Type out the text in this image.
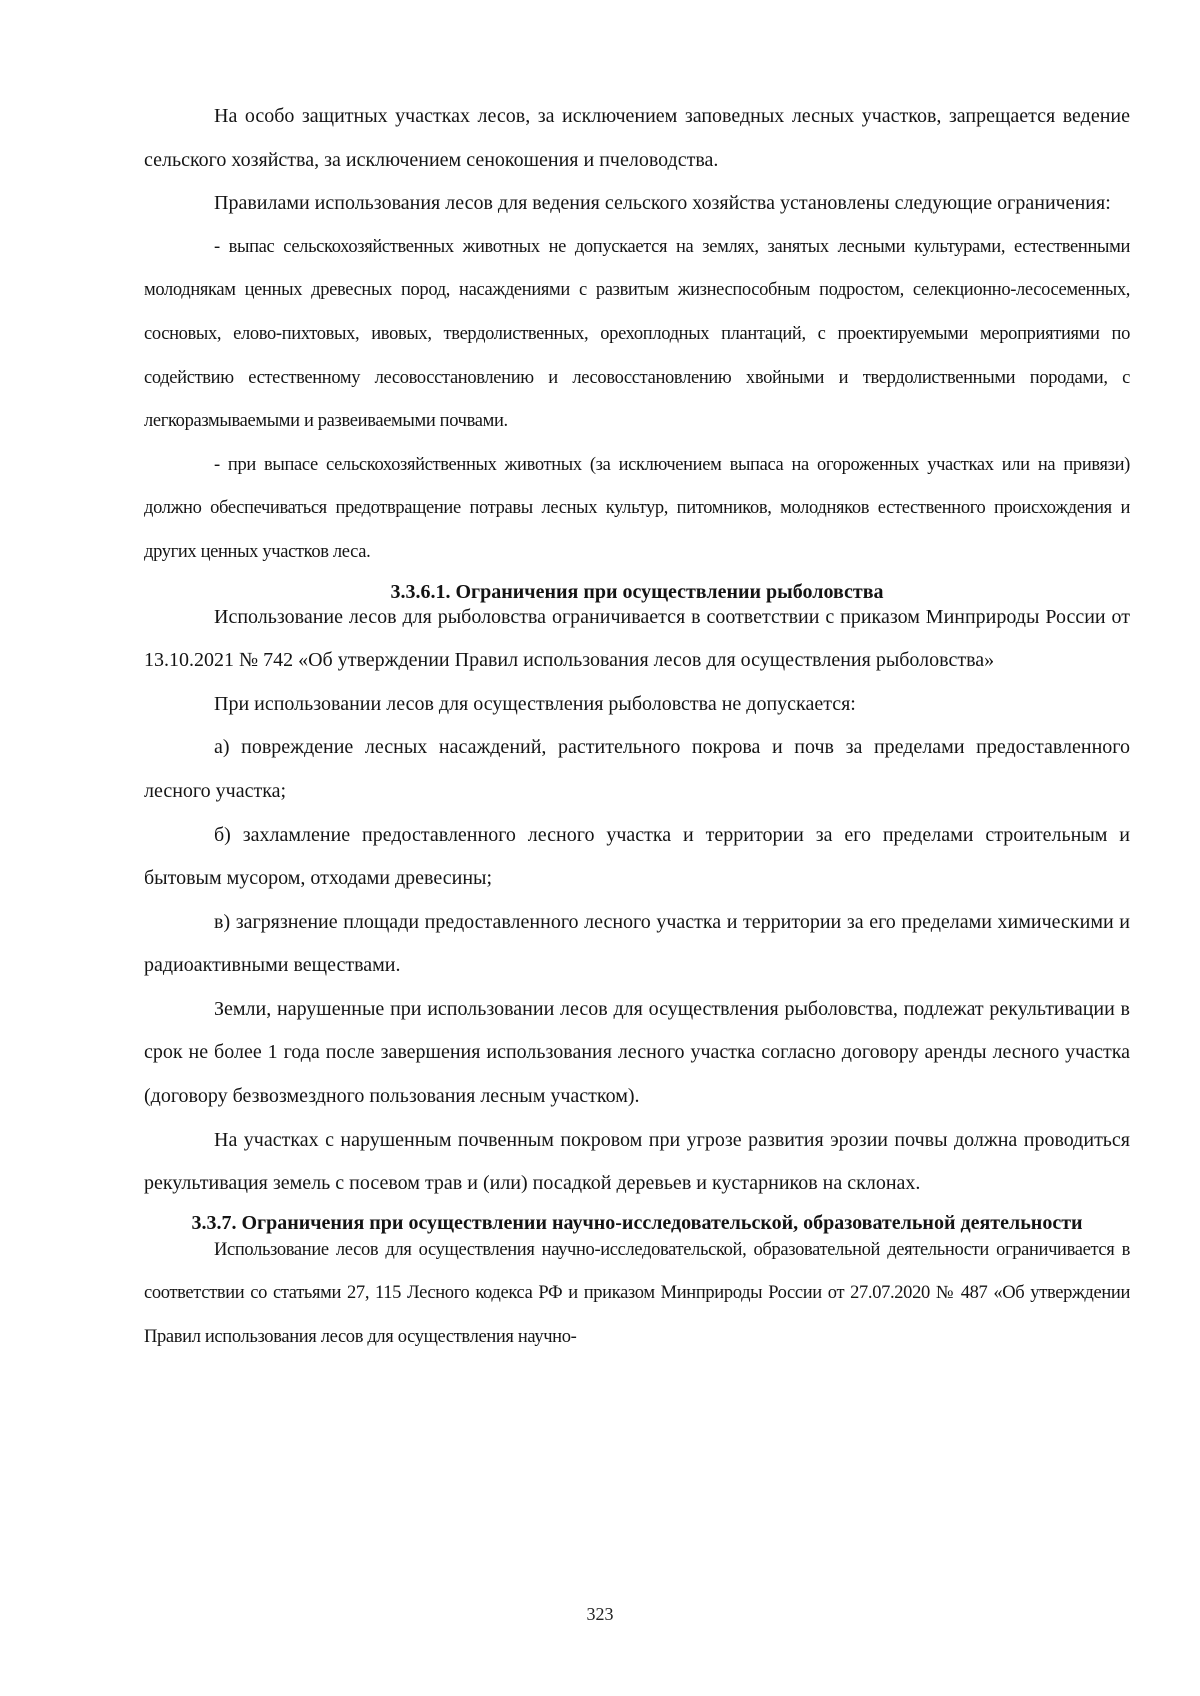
На особо защитных участках лесов, за исключением заповедных лесных участков, запрещается ведение сельского хозяйства, за исключением сенокошения и пчеловодства.

Правилами использования лесов для ведения сельского хозяйства установлены следующие ограничения:

- выпас сельскохозяйственных животных не допускается на землях, занятых лесными культурами, естественными молоднякам ценных древесных пород, насаждениями с развитым жизнеспособным подростом, селекционно-лесосеменных, сосновых, елово-пихтовых, ивовых, твердолиственных, орехоплодных плантаций, с проектируемыми мероприятиями по содействию естественному лесовосстановлению и лесовосстановлению хвойными и твердолиственными породами, с легкоразмываемыми и развеиваемыми почвами.

- при выпасе сельскохозяйственных животных (за исключением выпаса на огороженных участках или на привязи) должно обеспечиваться предотвращение потравы лесных культур, питомников, молодняков естественного происхождения и других ценных участков леса.

3.3.6.1. Ограничения при осуществлении рыболовства

Использование лесов для рыболовства ограничивается в соответствии с приказом Минприроды России от 13.10.2021 № 742 «Об утверждении Правил использования лесов для осуществления рыболовства»

При использовании лесов для осуществления рыболовства не допускается:

а) повреждение лесных насаждений, растительного покрова и почв за пределами предоставленного лесного участка;

б) захламление предоставленного лесного участка и территории за его пределами строительным и бытовым мусором, отходами древесины;

в) загрязнение площади предоставленного лесного участка и территории за его пределами химическими и радиоактивными веществами.

Земли, нарушенные при использовании лесов для осуществления рыболовства, подлежат рекультивации в срок не более 1 года после завершения использования лесного участка согласно договору аренды лесного участка (договору безвозмездного пользования лесным участком).

На участках с нарушенным почвенным покровом при угрозе развития эрозии почвы должна проводиться рекультивация земель с посевом трав и (или) посадкой деревьев и кустарников на склонах.

3.3.7. Ограничения при осуществлении научно-исследовательской, образовательной деятельности

Использование лесов для осуществления научно-исследовательской, образовательной деятельности ограничивается в соответствии со статьями 27, 115 Лесного кодекса РФ и приказом Минприроды России от 27.07.2020 № 487 «Об утверждении Правил использования лесов для осуществления научно-

323
